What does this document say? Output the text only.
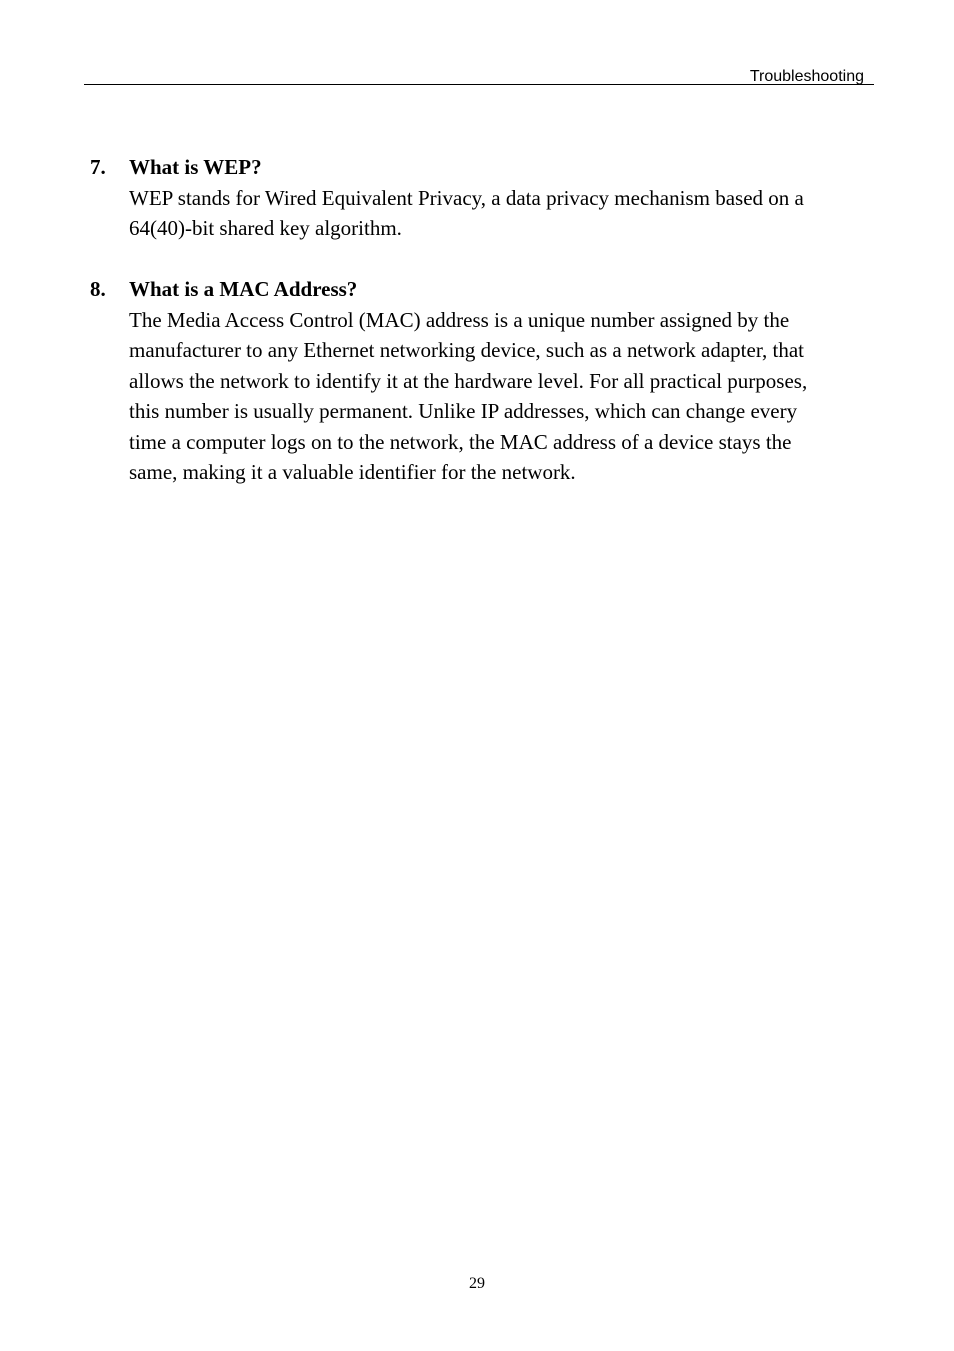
Troubleshooting
7. What is WEP?
WEP stands for Wired Equivalent Privacy, a data privacy mechanism based on a
64(40)-bit shared key algorithm.
8. What is a MAC Address?
The Media Access Control (MAC) address is a unique number assigned by the
manufacturer to any Ethernet networking device, such as a network adapter, that
allows the network to identify it at the hardware level. For all practical purposes,
this number is usually permanent. Unlike IP addresses, which can change every
time a computer logs on to the network, the MAC address of a device stays the
same, making it a valuable identifier for the network.
29
